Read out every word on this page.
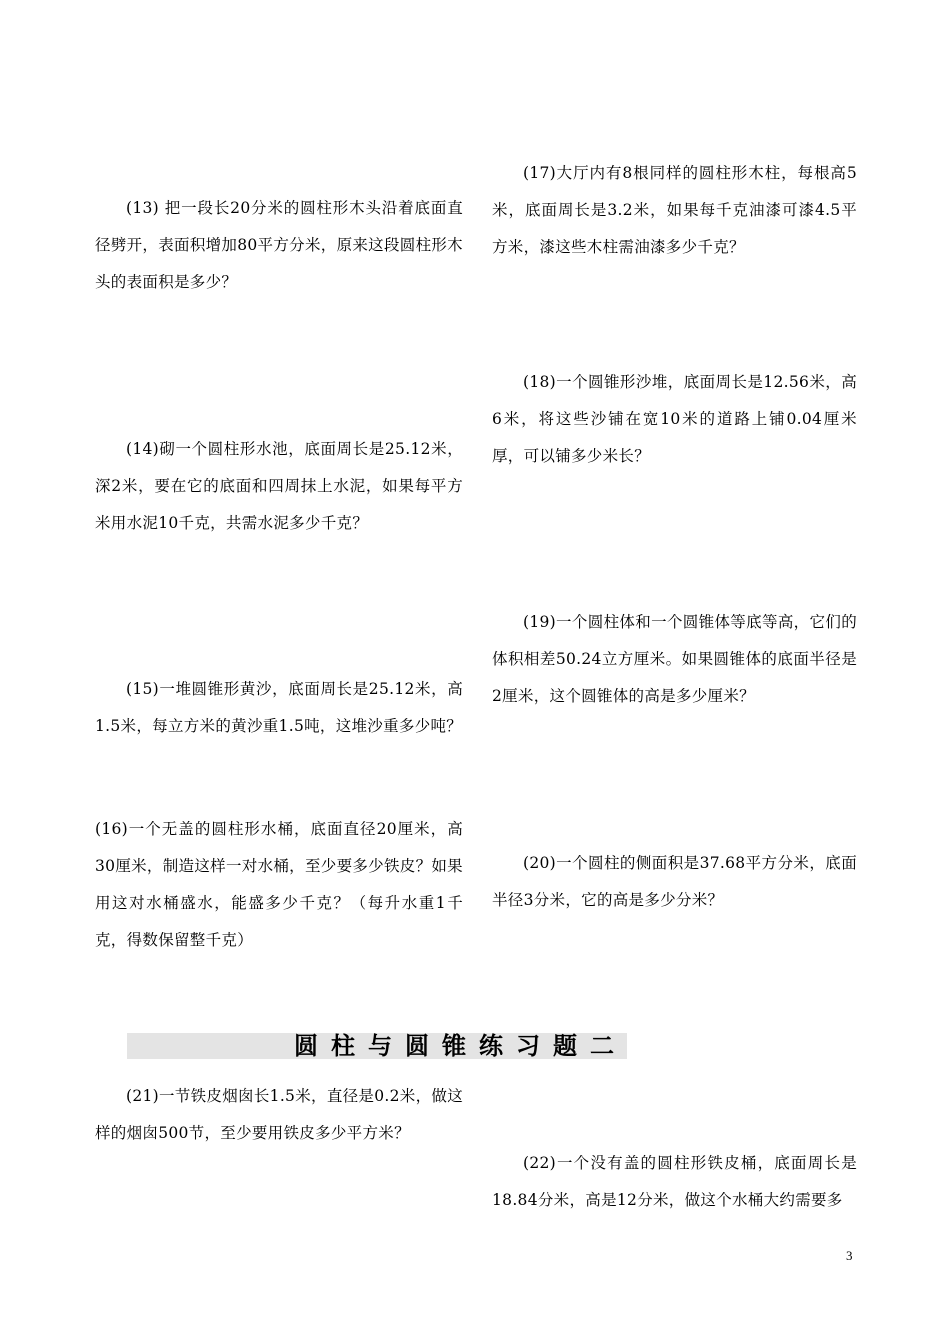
(13) 把一段长20分米的圆柱形木头沿着底面直径劈开，表面积增加80平方分米，原来这段圆柱形木头的表面积是多少？
(14)砌一个圆柱形水池，底面周长是25.12米，深2米，要在它的底面和四周抹上水泥，如果每平方米用水泥10千克，共需水泥多少千克？
(15)一堆圆锥形黄沙，底面周长是25.12米，高1.5米，每立方米的黄沙重1.5吨，这堆沙重多少吨？
(16)一个无盖的圆柱形水桶，底面直径20厘米，高30厘米，制造这样一对水桶，至少要多少铁皮？如果用这对水桶盛水，能盛多少千克？（每升水重1千克，得数保留整千克）
(17)大厅内有8根同样的圆柱形木柱，每根高5米，底面周长是3.2米，如果每千克油漆可漆4.5平方米，漆这些木柱需油漆多少千克？
(18)一个圆锥形沙堆，底面周长是12.56米，高6米，将这些沙铺在宽10米的道路上铺0.04厘米厚，可以铺多少米长？
(19)一个圆柱体和一个圆锥体等底等高，它们的体积相差50.24立方厘米。如果圆锥体的底面半径是2厘米，这个圆锥体的高是多少厘米？
(20)一个圆柱的侧面积是37.68平方分米，底面半径3分米，它的高是多少分米？
圆柱与圆锥练习题二
(21)一节铁皮烟囱长1.5米，直径是0.2米，做这样的烟囱500节，至少要用铁皮多少平方米？
(22)一个没有盖的圆柱形铁皮桶，底面周长是18.84分米，高是12分米，做这个水桶大约需要多
3
